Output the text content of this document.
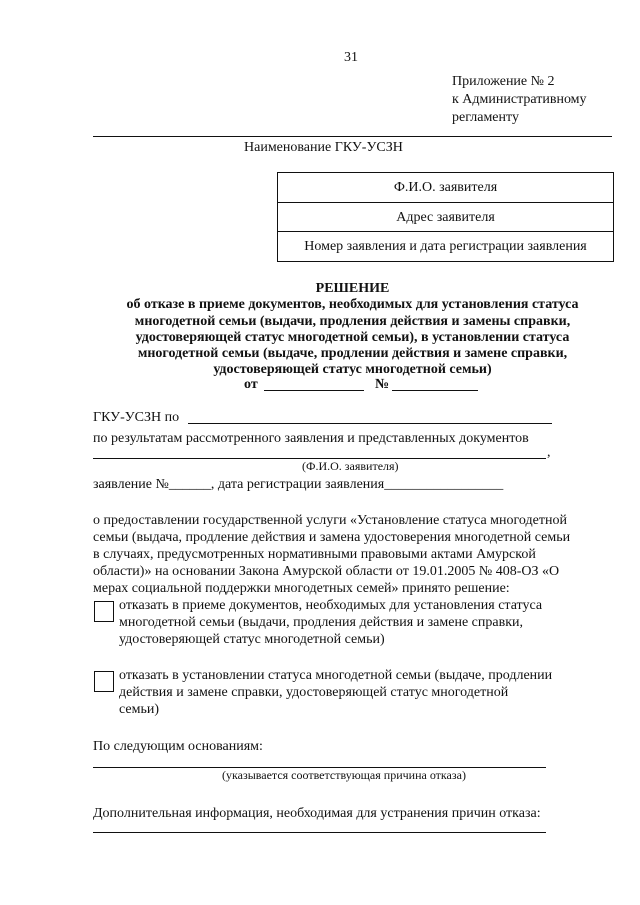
31
Приложение № 2
к Административному
регламенту
Наименование ГКУ-УСЗН
Ф.И.О. заявителя
Адрес заявителя
Номер заявления и дата регистрации заявления
РЕШЕНИЕ
об отказе в приеме документов, необходимых для установления статуса
многодетной семьи (выдачи, продления действия и замены справки,
удостоверяющей статус многодетной семьи), в установлении статуса
многодетной семьи (выдаче, продлении действия и замене справки,
удостоверяющей статус многодетной семьи)
от	№
ГКУ-УСЗН по
по результатам рассмотренного заявления и представленных документов
,
(Ф.И.О. заявителя)
заявление №______, дата регистрации заявления_________________
о предоставлении государственной услуги «Установление статуса многодетной
семьи (выдача, продление действия и замена удостоверения многодетной семьи
в случаях, предусмотренных нормативными правовыми актами Амурской
области)» на основании Закона Амурской области от 19.01.2005 № 408-ОЗ «О
мерах социальной поддержки многодетных семей» принято решение:
отказать в приеме документов, необходимых для установления статуса
многодетной семьи (выдачи, продления действия и замене справки,
удостоверяющей статус многодетной семьи)
отказать в установлении статуса многодетной семьи (выдаче, продлении
действия и замене справки, удостоверяющей статус многодетной
семьи)
По следующим основаниям:
(указывается соответствующая причина отказа)
Дополнительная информация, необходимая для устранения причин отказа:
